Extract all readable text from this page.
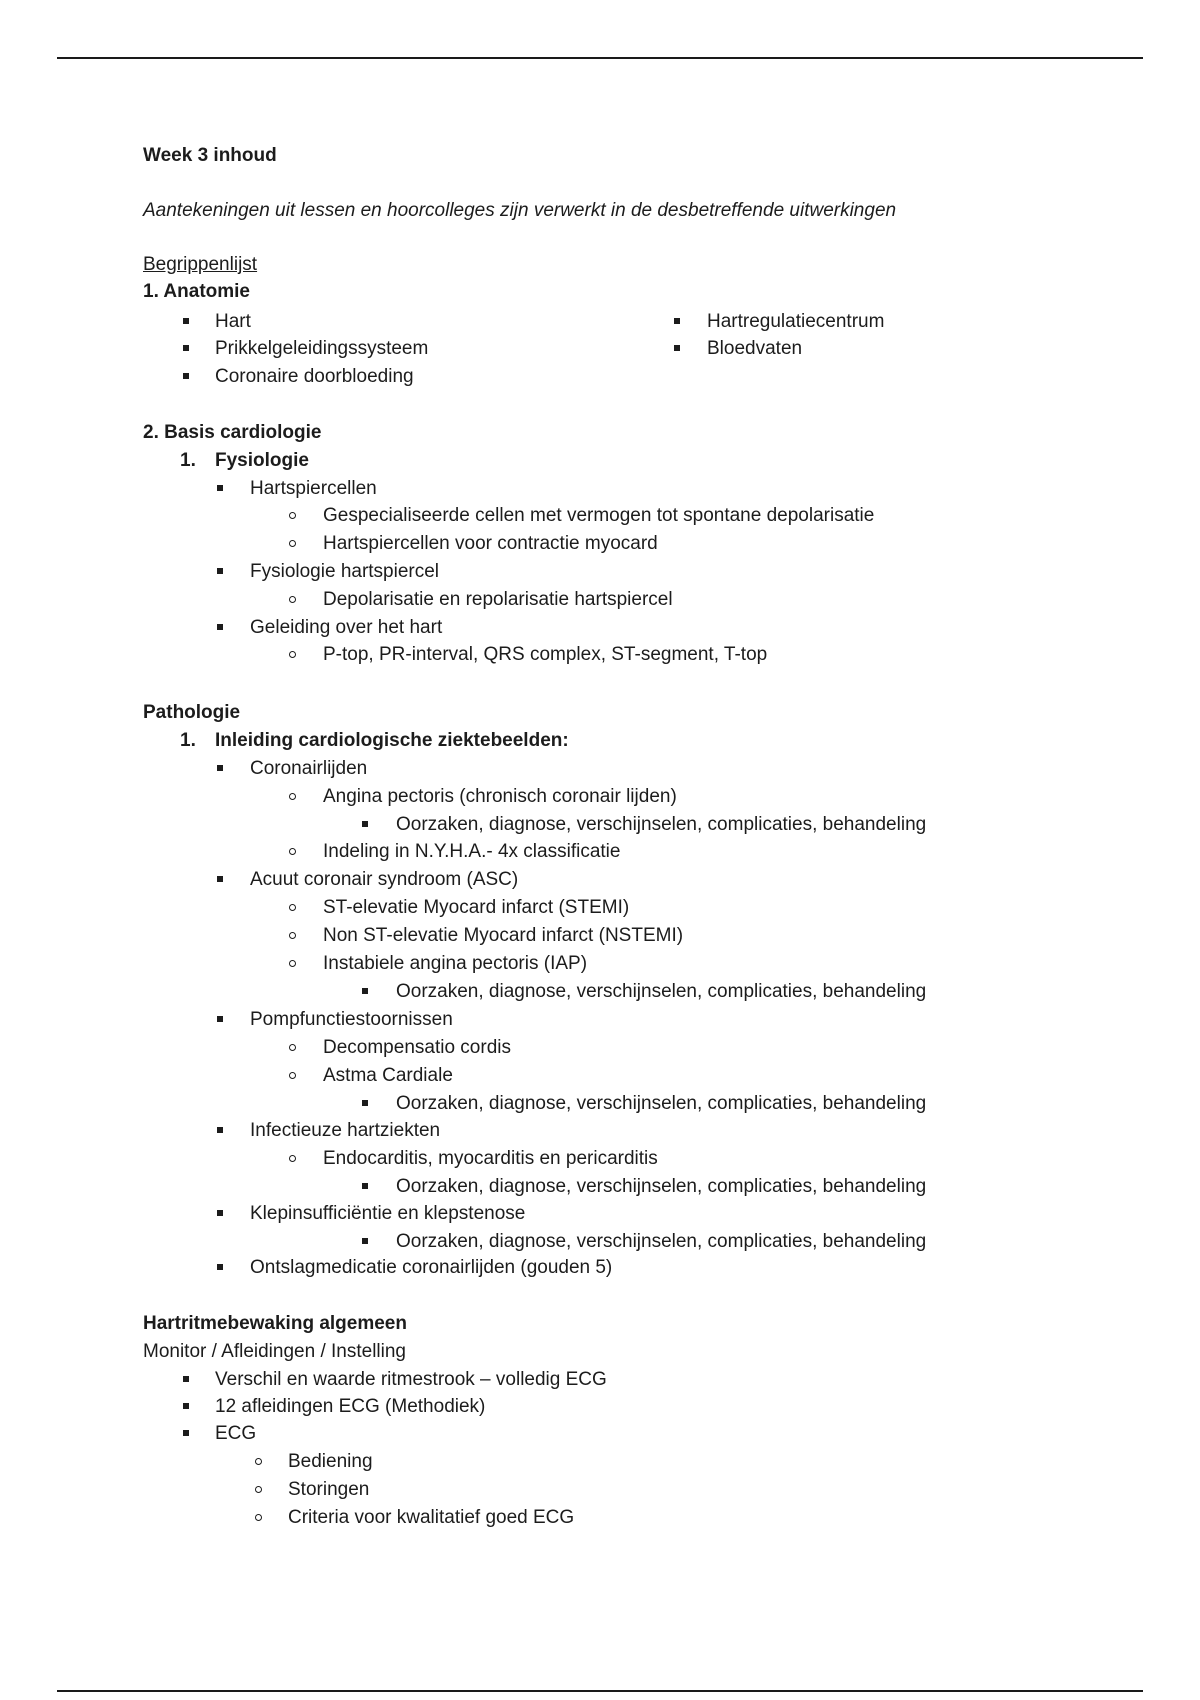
Week 3 inhoud
Aantekeningen uit lessen en hoorcolleges zijn verwerkt in de desbetreffende uitwerkingen
Begrippenlijst
1. Anatomie
Hart
Prikkelgeleidingssysteem
Coronaire doorbloeding
Hartregulatiecentrum
Bloedvaten
2. Basis cardiologie
1. Fysiologie
Hartspiercellen
Gespecialiseerde cellen met vermogen tot spontane depolarisatie
Hartspiercellen voor contractie myocard
Fysiologie hartspiercel
Depolarisatie en repolarisatie hartspiercel
Geleiding over het hart
P-top, PR-interval, QRS complex, ST-segment, T-top
Pathologie
1. Inleiding cardiologische ziektebeelden:
Coronairlijden
Angina pectoris (chronisch coronair lijden)
Oorzaken, diagnose, verschijnselen, complicaties, behandeling
Indeling in N.Y.H.A.- 4x classificatie
Acuut coronair syndroom (ASC)
ST-elevatie Myocard infarct (STEMI)
Non ST-elevatie Myocard infarct (NSTEMI)
Instabiele angina pectoris (IAP)
Oorzaken, diagnose, verschijnselen, complicaties, behandeling
Pompfunctiestoornissen
Decompensatio cordis
Astma Cardiale
Oorzaken, diagnose, verschijnselen, complicaties, behandeling
Infectieuze hartziekten
Endocarditis, myocarditis en pericarditis
Oorzaken, diagnose, verschijnselen, complicaties, behandeling
Klepinsufficiëntie en klepstenose
Oorzaken, diagnose, verschijnselen, complicaties, behandeling
Ontslagmedicatie coronairlijden (gouden 5)
Hartritmebewaking algemeen
Monitor / Afleidingen / Instelling
Verschil en waarde ritmestrook – volledig ECG
12 afleidingen ECG (Methodiek)
ECG
Bediening
Storingen
Criteria voor kwalitatief goed ECG
